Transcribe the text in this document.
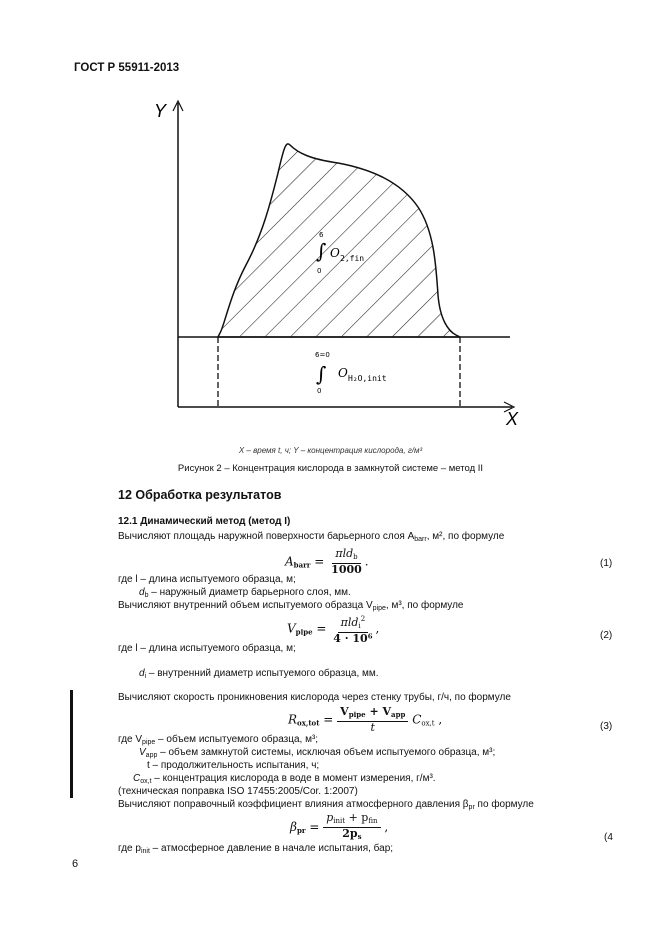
ГОСТ Р 55911-2013
6
∫
0
O 2,fin
6=0
∫
0
O H₂O,init
Y
X
X – время t, ч; Y – концентрация кислорода, г/м³
Рисунок 2 – Концентрация кислорода в замкнутой системе – метод II
12 Обработка результатов
12.1 Динамический метод (метод I)
Вычисляют площадь наружной поверхности барьерного слоя $A_{barr}$, м², по формуле
Abarr = $\frac{\text{πldb}}{1000}$ .	(1)
где l – длина испытуемого образца, м;
$d_b$ – наружный диаметр барьерного слоя, мм.
Вычисляют внутренний объем испытуемого образца $V_{pipe}$, м³, по формуле
Vpipe = $\frac{\pi ldi^2}{\text{4 · 10⁶}}$ ,	(2)
где l – длина испытуемого образца, м;
$d_i$ – внутренний диаметр испытуемого образца, мм.
Вычисляют скорость проникновения кислорода через стенку трубы, г/ч, по формуле
$Rox,tot = \frac{\text{Vpipe + Vapp}}{t} Cox,t$ ,	(3)
где $V_{pipe}$ – объем испытуемого образца, м³;
$V_{app}$ – объем замкнутой системы, исключая объем испытуемого образца, м³;
t – продолжительность испытания, ч;
$C_{ox,t}$ – концентрация кислорода в воде в момент измерения, г/м³.
(техническая поправка ISO 17455:2005/Cor. 1:2007)
Вычисляют поправочный коэффициент влияния атмосферного давления $\beta_{pr}$ по формуле
$\beta pr = \frac{\text{pinit + pfin}}{2ps}$ ,
(4
где $p_{init}$ – атмосферное давление в начале испытания, бар;
6
